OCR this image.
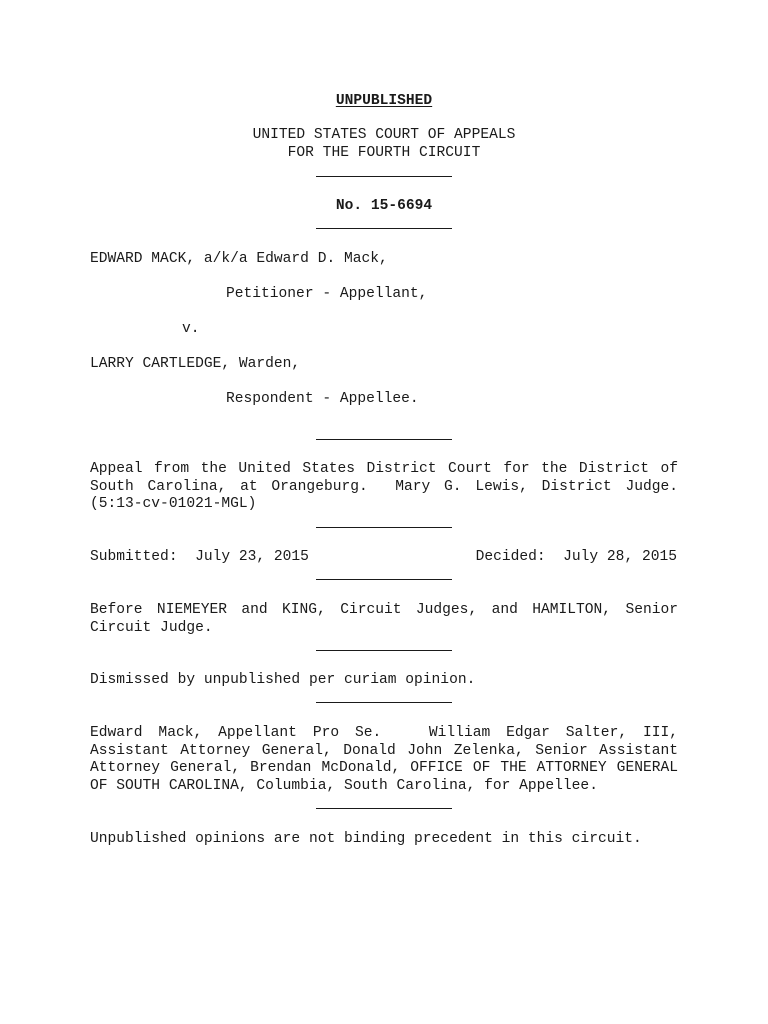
UNPUBLISHED
UNITED STATES COURT OF APPEALS
FOR THE FOURTH CIRCUIT
No. 15-6694
EDWARD MACK, a/k/a Edward D. Mack,
Petitioner - Appellant,
v.
LARRY CARTLEDGE, Warden,
Respondent - Appellee.
Appeal from the United States District Court for the District of
South Carolina, at Orangeburg.  Mary G. Lewis, District Judge.
(5:13-cv-01021-MGL)
Submitted:  July 23, 2015	Decided:  July 28, 2015
Before NIEMEYER and KING, Circuit Judges, and HAMILTON, Senior
Circuit Judge.
Dismissed by unpublished per curiam opinion.
Edward Mack, Appellant Pro Se.   William Edgar Salter, III,
Assistant Attorney General, Donald John Zelenka, Senior Assistant
Attorney General, Brendan McDonald, OFFICE OF THE ATTORNEY GENERAL
OF SOUTH CAROLINA, Columbia, South Carolina, for Appellee.
Unpublished opinions are not binding precedent in this circuit.
